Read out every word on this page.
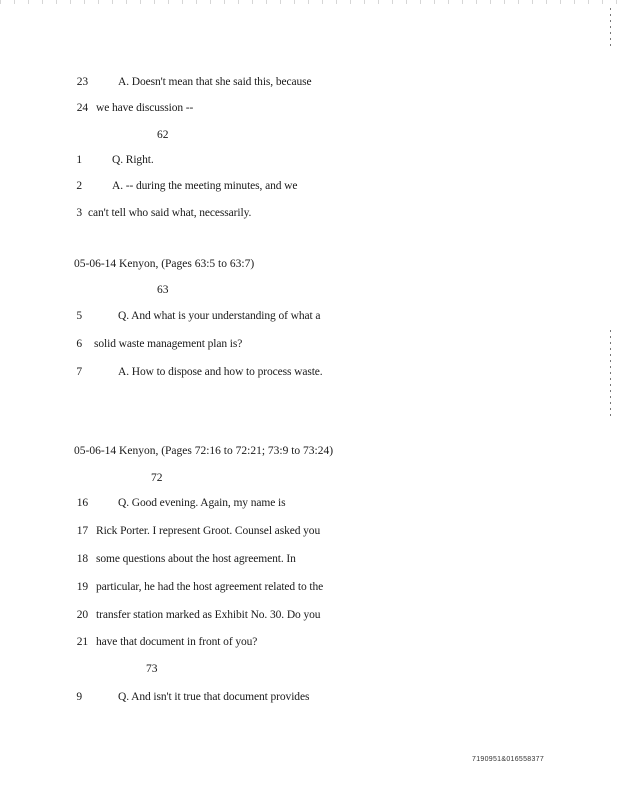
23	A. Doesn't mean that she said this, because
24 we have discussion --
62
1	Q. Right.
2	A. -- during the meeting minutes, and we
3 can't tell who said what, necessarily.
05-06-14 Kenyon, (Pages 63:5 to 63:7)
63
5	Q. And what is your understanding of what a
6 solid waste management plan is?
7	A. How to dispose and how to process waste.
05-06-14 Kenyon, (Pages 72:16 to 72:21; 73:9 to 73:24)
72
16	Q. Good evening. Again, my name is
17 Rick Porter. I represent Groot. Counsel asked you
18 some questions about the host agreement. In
19 particular, he had the host agreement related to the
20 transfer station marked as Exhibit No. 30. Do you
21 have that document in front of you?
73
9	Q. And isn't it true that document provides
7190951&016558377
